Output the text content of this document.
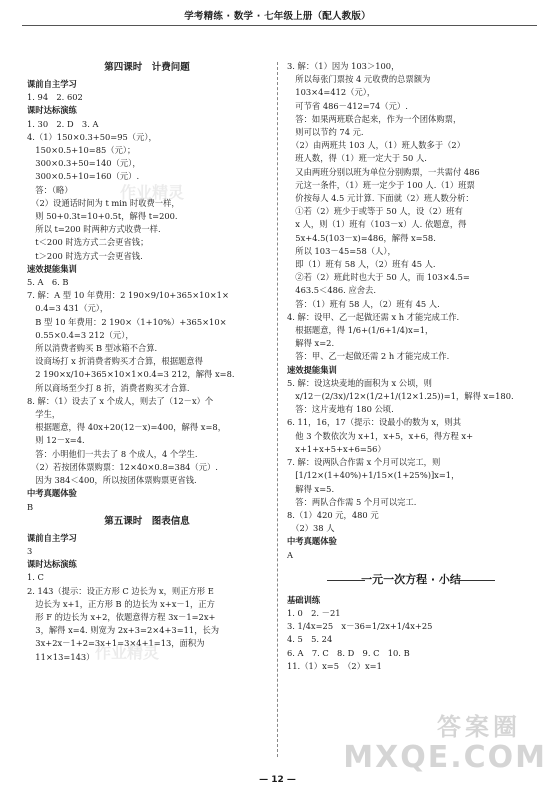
学考精练 · 数学 · 七年级上册（配人教版）
第四课时　计费问题
课前自主学习
1. 94　2. 602
课时达标演练
1. 30　2. D　3. A
4.（1）150×0.3+50=95（元），
　150×0.5+10=85（元）；
　300×0.3+50=140（元），
　300×0.5+10=160（元）.
　答：（略）
　（2）设通话时间为 t min 时收费一样，
　则 50+0.3t=10+0.5t，解得 t=200.
　所以 t=200 时两种方式收费一样.
　t＜200 时选方式二会更省钱；
　t＞200 时选方式一会更省钱.
速效提能集训
5. A　6. B
7. 解：A 型 10 年费用：2 190×9/10+365×10×1×
　0.4=3 431（元），
　B 型 10 年费用：2 190×（1+10%）+365×10×
　0.55×0.4=3 212（元），
　所以消费者购买 B 型冰箱不合算.
　设商场打 x 折消费者购买才合算，根据题意得
　2 190×x/10+365×10×1×0.4=3 212，解得 x=8.
　所以商场至少打 8 折，消费者购买才合算.
8. 解：（1）设去了 x 个成人，则去了（12－x）个
　学生，
　根据题意，得 40x+20(12－x)=400，解得 x=8，
　则 12－x=4.
　答：小明他们一共去了 8 个成人，4 个学生.
　（2）若按团体票购票：12×40×0.8=384（元）.
　因为 384＜400，所以按团体票购票更省钱.
中考真题体验
B
第五课时　图表信息
课前自主学习
3
课时达标演练
1. C
2. 143（提示：设正方形 C 边长为 x，则正方形 E
　边长为 x+1，正方形 B 的边长为 x+x－1，正方
　形 F 的边长为 x+2，依题意得方程 3x－1=2x+
　3，解得 x=4. 则宽为 2x+3=2×4+3=11，长为
　3x+2x－1+2=3x+1=3×4+1=13，面积为
　11×13=143）
3. 解：（1）因为 103＞100，
　所以每张门票按 4 元收费的总票额为
　103×4=412（元），
　可节省 486－412=74（元）.
　答：如果两班联合起来，作为一个团体购票，
　则可以节约 74 元.
　（2）由两班共 103 人，（1）班人数多于（2）
　班人数，得（1）班一定大于 50 人.
　又由两班分别以班为单位分别购票，一共需付 486
　元这一条件，（1）班一定少于 100 人.（1）班票
　价按每人 4.5 元计算. 下面就（2）班人数分析：
　①若（2）班少于或等于 50 人，设（2）班有
　x 人，则（1）班有（103－x）人. 依题意，得
　5x+4.5(103－x)=486，解得 x=58.
　所以 103－45=58（人），
　即（1）班有 58 人，（2）班有 45 人.
　②若（2）班此时也大于 50 人，而 103×4.5=
　463.5＜486. 应舍去.
　答：（1）班有 58 人，（2）班有 45 人.
4. 解：设甲、乙一起做还需 x h 才能完成工作.
　根据题意，得 1/6+(1/6+1/4)x=1，
　解得 x=2.
　答：甲、乙一起做还需 2 h 才能完成工作.
速效提能集训
5. 解：设这块麦地的面积为 x 公顷，则
　x/12－(2/3x)/12×(1/2+1/(12×1.25))=1，解得 x=180.
　答：这片麦地有 180 公顷.
6. 11，16，17（提示：设最小的数为 x，则其
　他 3 个数依次为 x+1，x+5，x+6，得方程 x+
　x+1+x+5+x+6=56）
7. 解：设两队合作需 x 个月可以完工，则
　[1/12×(1+40%)+1/15×(1+25%)]x=1，
　解得 x=5.
　答：两队合作需 5 个月可以完工.
8.（1）420 元，480 元
　（2）38 人
中考真题体验
A
一元一次方程 · 小结
基础训练
1. 0　2. －21
3. 1/4x=25　x－36=1/2x+1/4x+25
4. 5　5. 24
6. A　7. C　8. D　9. C　10. B
11.（1）x=5　（2）x=1
作业精灵
作业精灵
答案圈
MXQE.COM
— 12 —
